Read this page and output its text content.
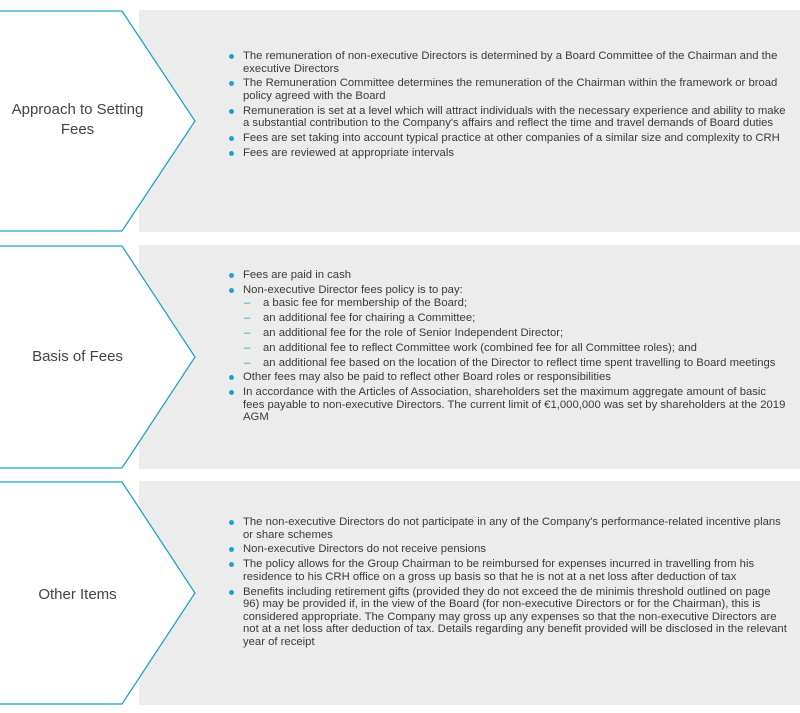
Approach to Setting Fees
The remuneration of non-executive Directors is determined by a Board Committee of the Chairman and the executive Directors
The Remuneration Committee determines the remuneration of the Chairman within the framework or broad policy agreed with the Board
Remuneration is set at a level which will attract individuals with the necessary experience and ability to make a substantial contribution to the Company's affairs and reflect the time and travel demands of Board duties
Fees are set taking into account typical practice at other companies of a similar size and complexity to CRH
Fees are reviewed at appropriate intervals
Basis of Fees
Fees are paid in cash
Non-executive Director fees policy is to pay:
– a basic fee for membership of the Board;
– an additional fee for chairing a Committee;
– an additional fee for the role of Senior Independent Director;
– an additional fee to reflect Committee work (combined fee for all Committee roles); and
– an additional fee based on the location of the Director to reflect time spent travelling to Board meetings
Other fees may also be paid to reflect other Board roles or responsibilities
In accordance with the Articles of Association, shareholders set the maximum aggregate amount of basic fees payable to non-executive Directors. The current limit of €1,000,000 was set by shareholders at the 2019 AGM
Other Items
The non-executive Directors do not participate in any of the Company's performance-related incentive plans or share schemes
Non-executive Directors do not receive pensions
The policy allows for the Group Chairman to be reimbursed for expenses incurred in travelling from his residence to his CRH office on a gross up basis so that he is not at a net loss after deduction of tax
Benefits including retirement gifts (provided they do not exceed the de minimis threshold outlined on page 96) may be provided if, in the view of the Board (for non-executive Directors or for the Chairman), this is considered appropriate. The Company may gross up any expenses so that the non-executive Directors are not at a net loss after deduction of tax. Details regarding any benefit provided will be disclosed in the relevant year of receipt
